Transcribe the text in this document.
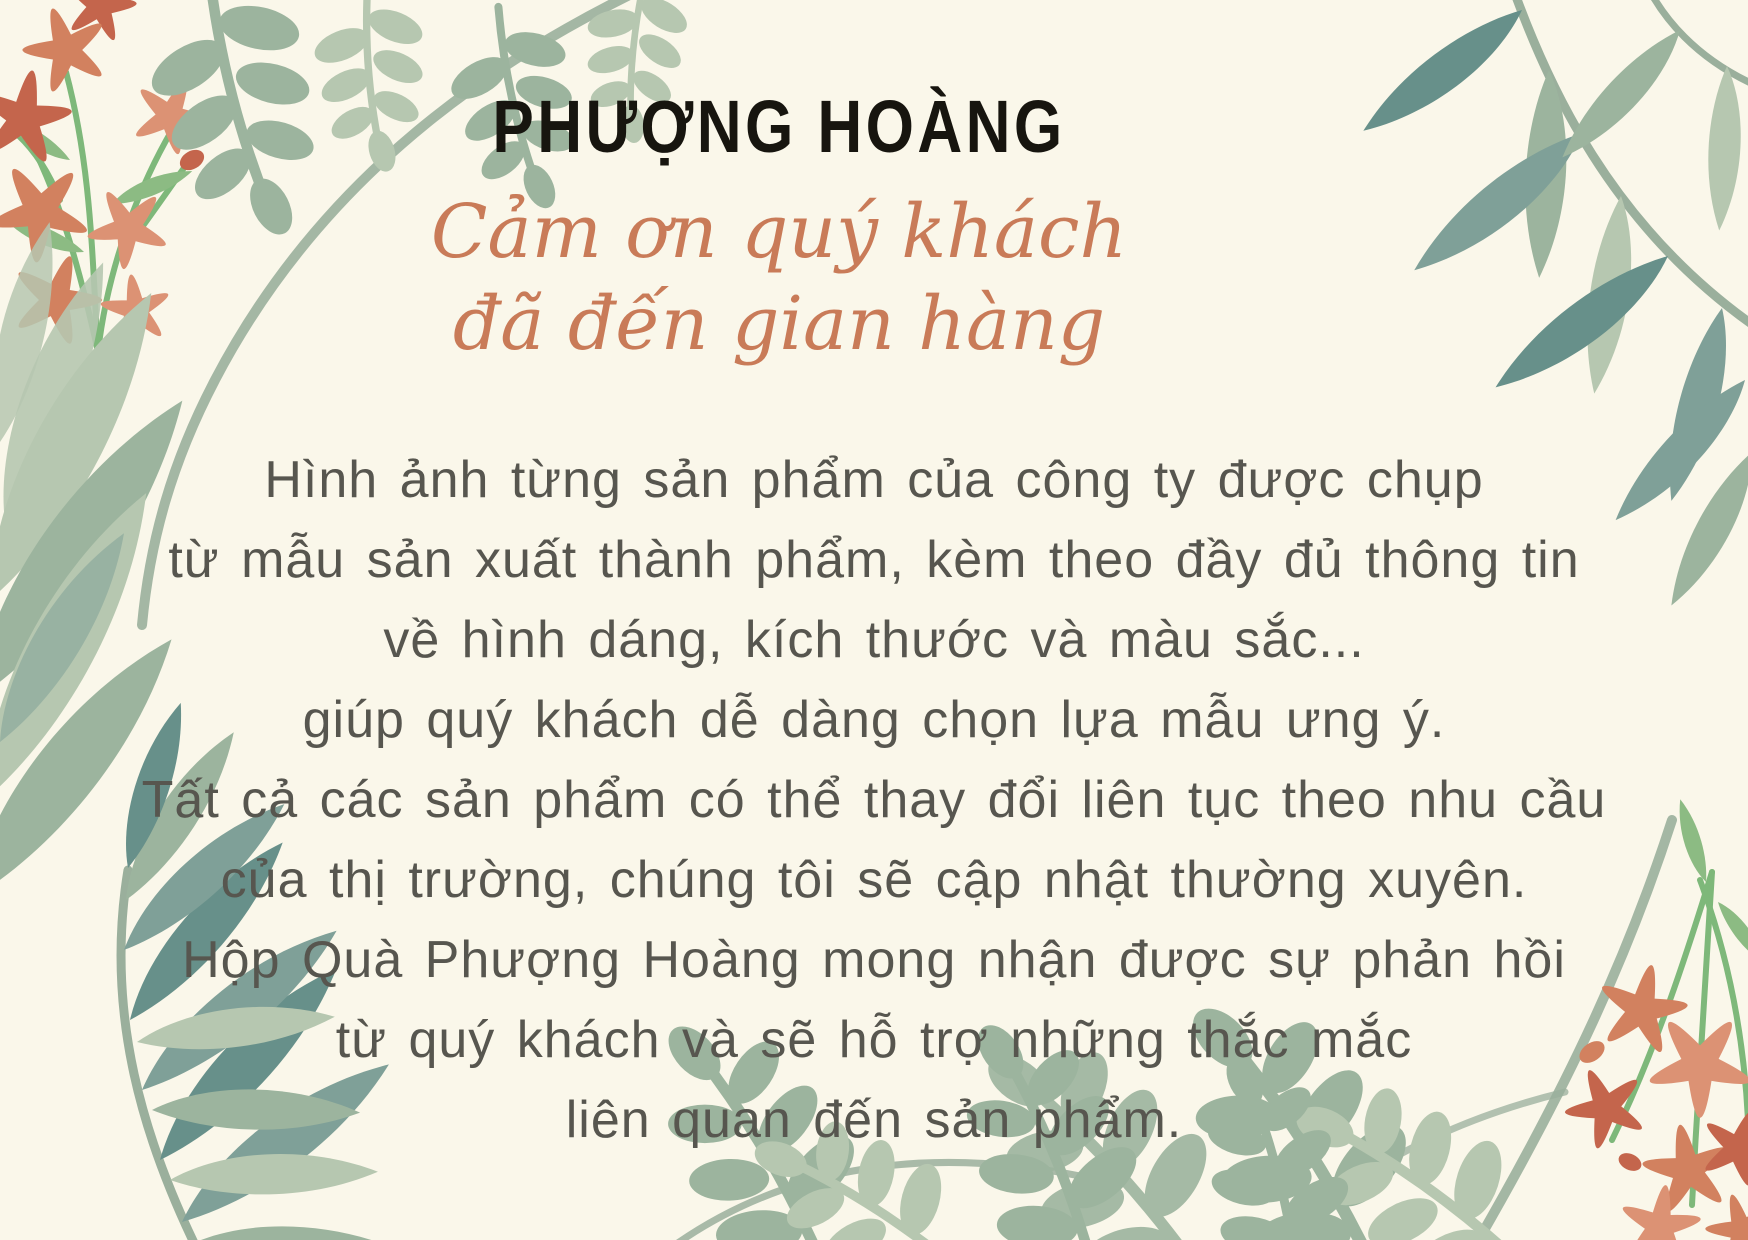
PHƯỢNG HOÀNG
Cảm ơn quý khách
đã đến gian hàng
Hình ảnh từng sản phẩm của công ty được chụp
từ mẫu sản xuất thành phẩm, kèm theo đầy đủ thông tin
về hình dáng, kích thước và màu sắc...
giúp quý khách dễ dàng chọn lựa mẫu ưng ý.
Tất cả các sản phẩm có thể thay đổi liên tục theo nhu cầu
của thị trường, chúng tôi sẽ cập nhật thường xuyên.
Hộp Quà Phượng Hoàng mong nhận được sự phản hồi
từ quý khách và sẽ hỗ trợ những thắc mắc
liên quan đến sản phẩm.
